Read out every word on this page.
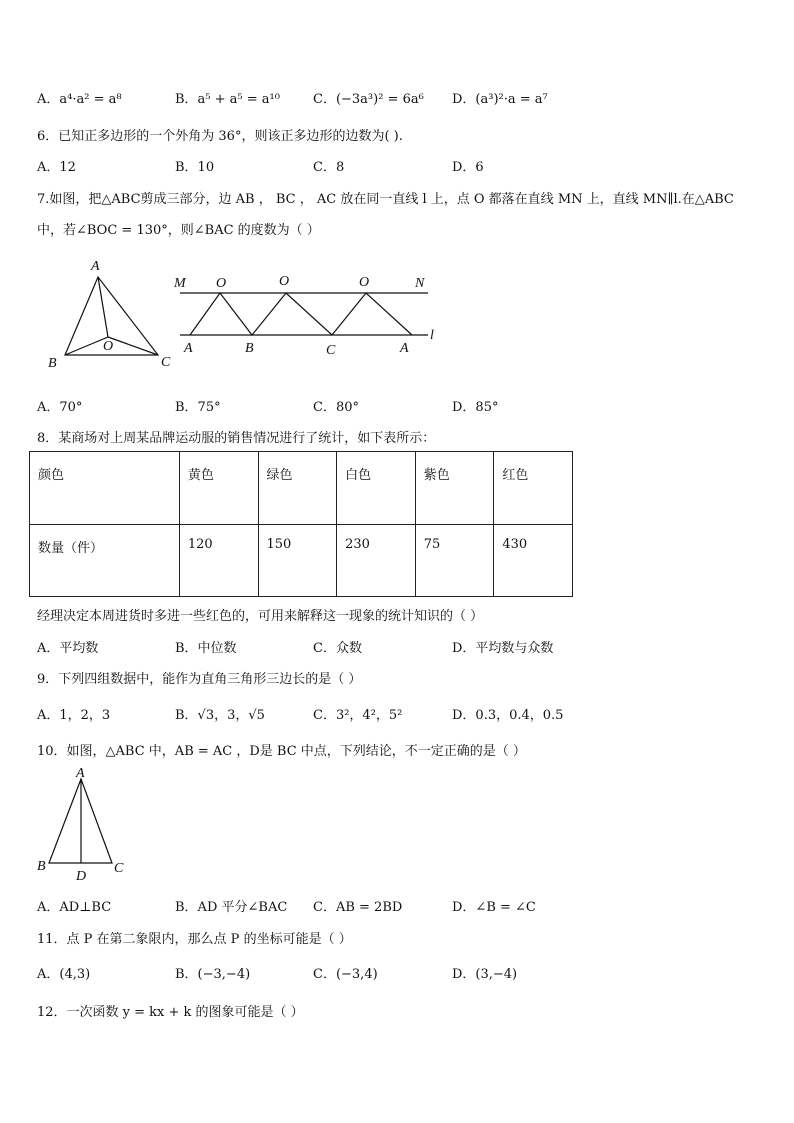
A．a⁴·a² = a⁸	B．a⁵ + a⁵ = a¹⁰	C．(−3a³)² = 6a⁶ D．(a³)²·a = a⁷
6．已知正多边形的一个外角为 36°，则该正多边形的边数为( ).
A．12	B．10	C．8	D．6
7.如图，把△ABC剪成三部分，边 AB ， BC ， AC 放在同一直线 l 上，点 O 都落在直线 MN 上，直线 MN∥l.在△ABC
中，若∠BOC = 130°，则∠BAC 的度数为（ ）
A
B	C
O
M O	O	O	N
A	B	C	A
l
A．70°	B．75°	C．80°	D．85°
8．某商场对上周某品牌运动服的销售情况进行了统计，如下表所示：
颜色	黄色	绿色	白色	紫色	红色
数量（件）	120	150	230	75	430
经理决定本周进货时多进一些红色的，可用来解释这一现象的统计知识的（ ）
A．平均数	B．中位数	C．众数	D．平均数与众数
9．下列四组数据中，能作为直角三角形三边长的是（ ）
A．1，2，3	B．√3，3，√5	C．3²，4²，5²	D．0.3，0.4，0.5
10．如图，△ABC 中，AB = AC ，D是 BC 中点，下列结论，不一定正确的是（ ）
A
B	C
D
A．AD⊥BC	B．AD 平分∠BAC C．AB = 2BD	D．∠B = ∠C
11．点 P 在第二象限内，那么点 P 的坐标可能是（ ）
A．(4,3)	B．(−3,−4)	C．(−3,4)	D．(3,−4)
12．一次函数 y = kx + k 的图象可能是（ ）
